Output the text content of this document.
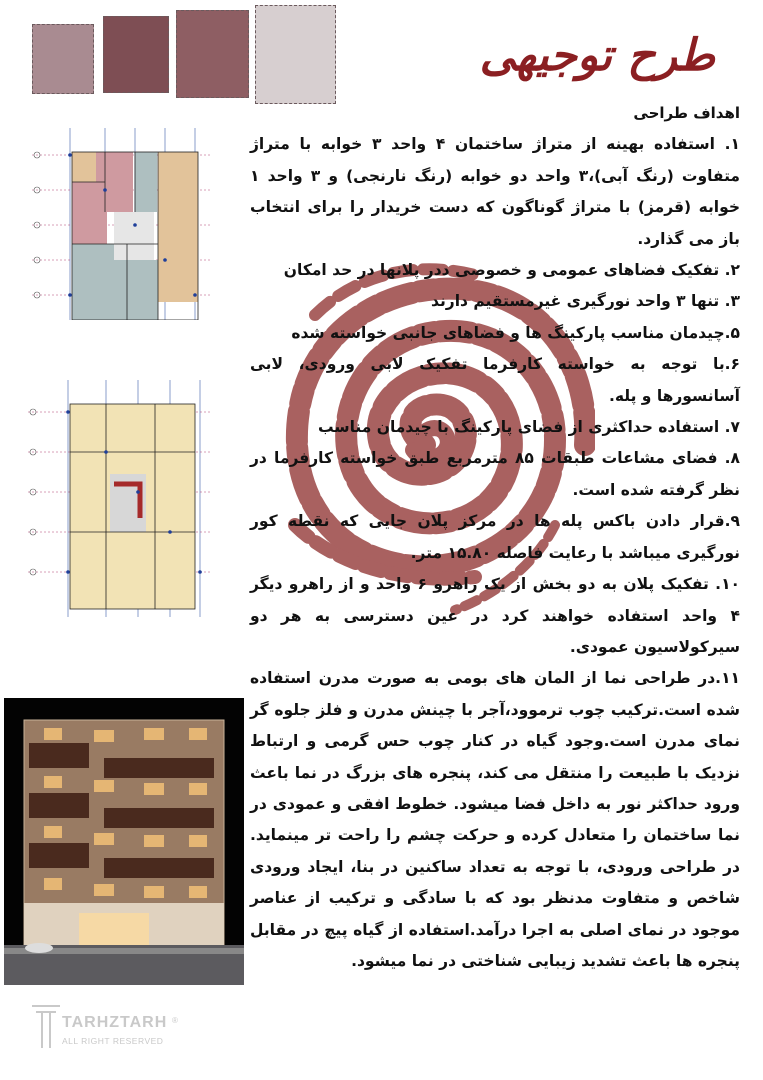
طرح توجیهی

اهداف طراحی

۱. استفاده بهینه از متراژ ساختمان ۴ واحد ۳ خوابه با متراژ متفاوت (رنگ آبی)،۳ واحد دو خوابه (رنگ نارنجی) و ۳ واحد ۱ خوابه (قرمز) با متراژ گوناگون که دست خریدار را برای انتخاب باز می گذارد.

۲. تفکیک فضاهای عمومی و خصوصی ددر پلانها در حد امکان

۳. تنها ۳ واحد نورگیری غیرمستقیم دارند

۵.چیدمان مناسب پارکینگ ها و فضاهای جانبی خواسته شده

۶.با توجه به خواسته کارفرما تفکیک لابی ورودی، لابی آسانسورها و پله.

۷. استفاده حداکثری از فضای پارکینگ با چیدمان مناسب

۸. فضای مشاعات طبقات ۸۵ مترمربع طبق خواسته کارفرما در نظر گرفته شده است.

۹.قرار دادن باکس پله ها در مرکز پلان جایی که نقطه کور نورگیری میباشد با رعایت فاصله ۱۵.۸۰ متر.

۱۰. تفکیک پلان به دو بخش از یک راهرو ۶ واحد و از راهرو دیگر ۴ واحد استفاده خواهند کرد در عین دسترسی به هر دو سیرکولاسیون عمودی.

۱۱.در طراحی نما از المان های بومی به صورت مدرن استفاده شده است.ترکیب چوب ترموود،آجر با چینش مدرن و فلز جلوه گر نمای مدرن است.وجود گیاه در کنار چوب حس گرمی و ارتباط نزدیک با طبیعت را منتقل می کند، پنجره های بزرگ در نما باعث ورود حداکثر نور به داخل فضا میشود. خطوط افقی و عمودی در نما ساختمان را متعادل کرده و حرکت چشم را راحت تر مینماید. در طراحی ورودی، با توجه به تعداد ساکنین در بنا، ایجاد ورودی شاخص و متفاوت مدنظر بود که با سادگی و ترکیب از عناصر موجود در نمای اصلی به اجرا درآمد.استفاده از گیاه پیچ در مقابل پنجره ها باعث تشدید زیبایی شناختی در نما میشود.

TARHZTARH
ALL RIGHT RESERVED
®
